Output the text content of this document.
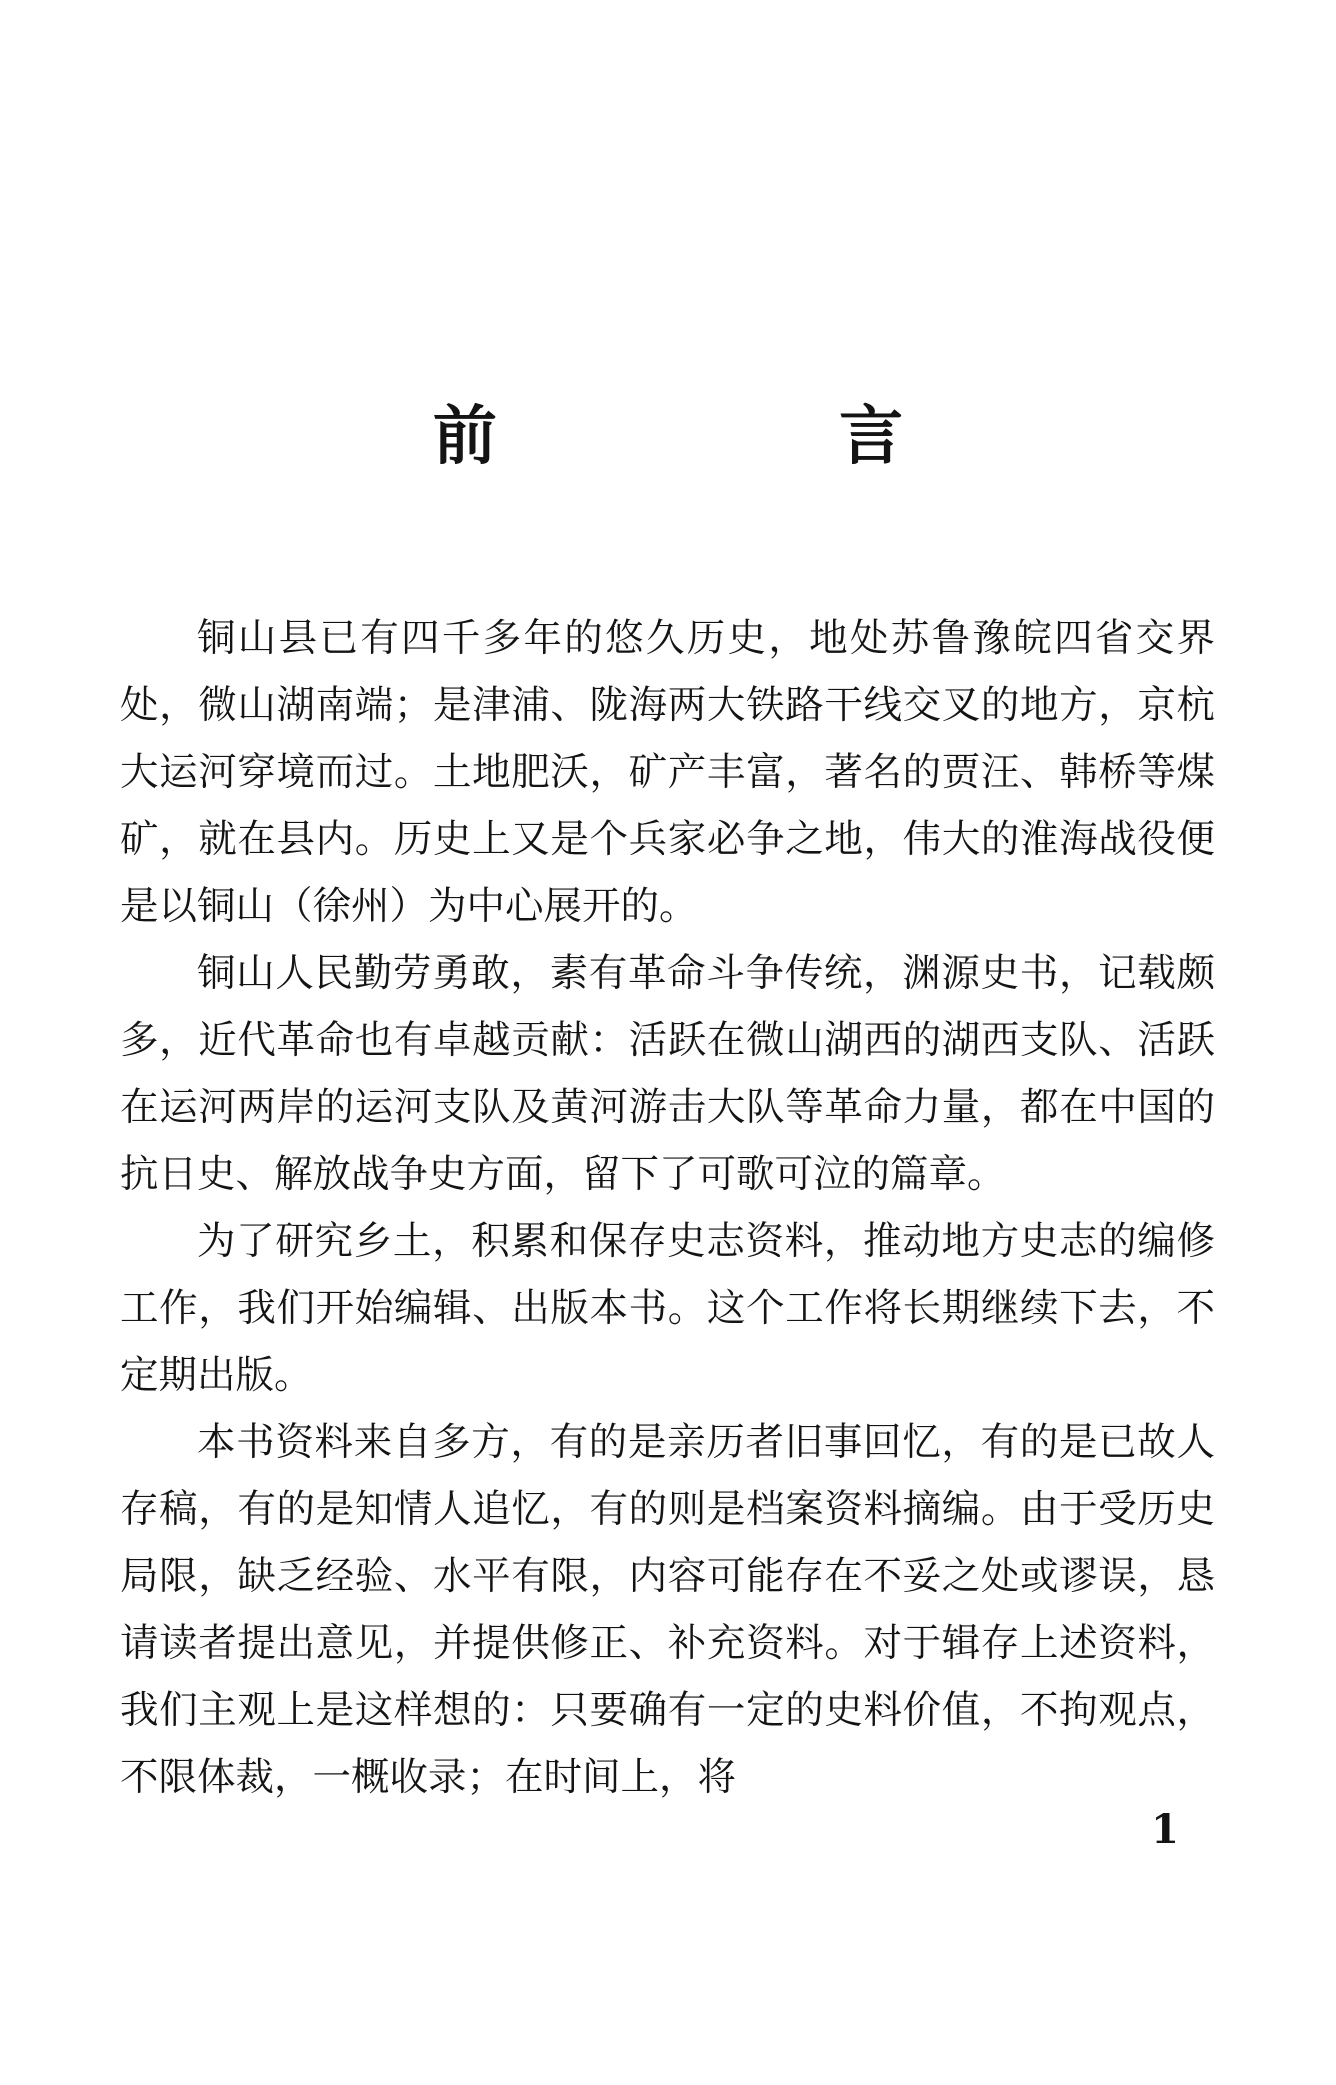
前 言

铜山县已有四千多年的悠久历史，地处苏鲁豫皖四省交界处，微山湖南端；是津浦、陇海两大铁路干线交叉的地方，京杭大运河穿境而过。土地肥沃，矿产丰富，著名的贾汪、韩桥等煤矿，就在县内。历史上又是个兵家必争之地，伟大的淮海战役便是以铜山（徐州）为中心展开的。

铜山人民勤劳勇敢，素有革命斗争传统，渊源史书，记载颇多，近代革命也有卓越贡献：活跃在微山湖西的湖西支队、活跃在运河两岸的运河支队及黄河游击大队等革命力量，都在中国的抗日史、解放战争史方面，留下了可歌可泣的篇章。

为了研究乡土，积累和保存史志资料，推动地方史志的编修工作，我们开始编辑、出版本书。这个工作将长期继续下去，不定期出版。

本书资料来自多方，有的是亲历者旧事回忆，有的是已故人存稿，有的是知情人追忆，有的则是档案资料摘编。由于受历史局限，缺乏经验、水平有限，内容可能存在不妥之处或谬误，恳请读者提出意见，并提供修正、补充资料。对于辑存上述资料，我们主观上是这样想的：只要确有一定的史料价值，不拘观点，不限体裁，一概收录；在时间上，将

1
